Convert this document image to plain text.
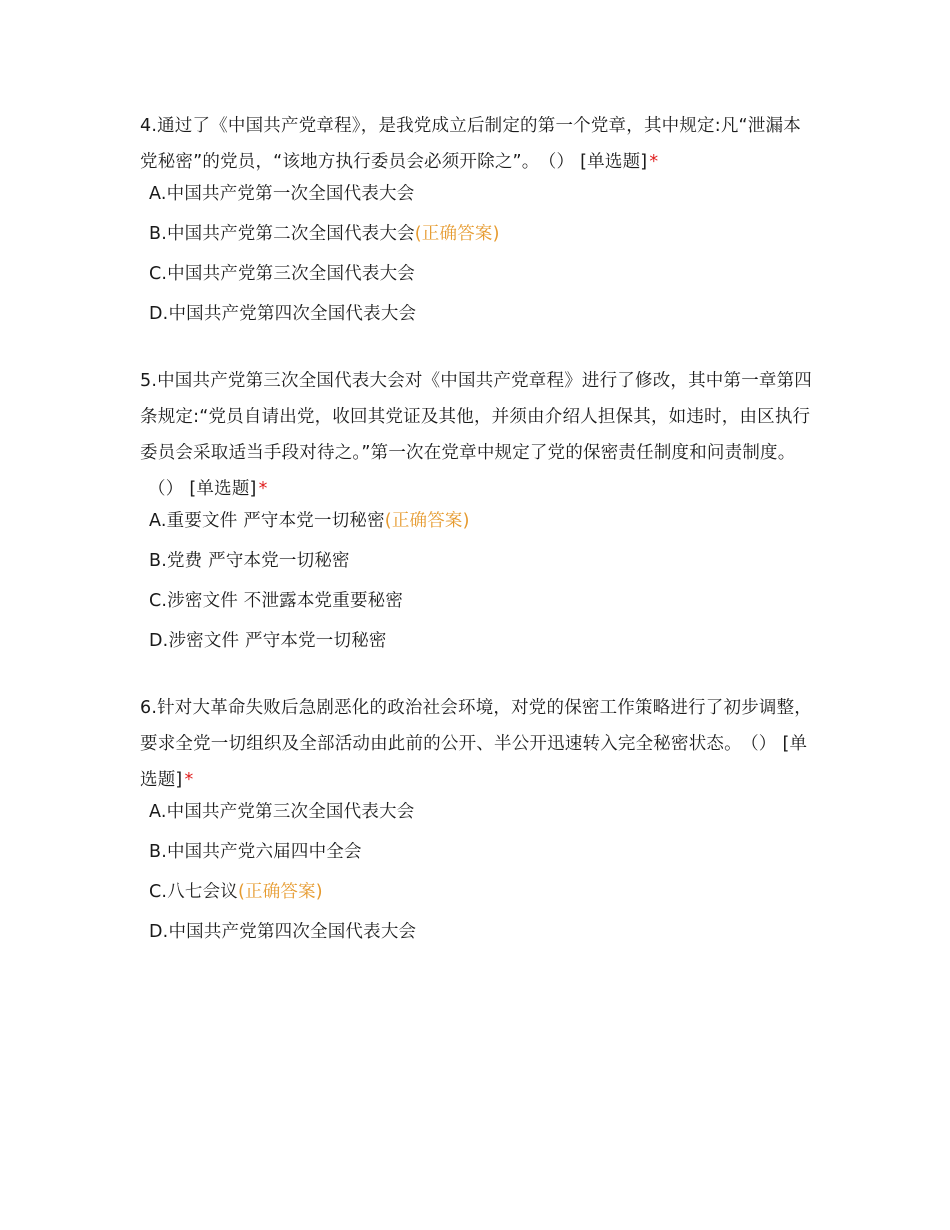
4.通过了《中国共产党章程》，是我党成立后制定的第一个党章，其中规定:凡“泄漏本党秘密”的党员，“该地方执行委员会必须开除之”。 （） [单选题] *

A.中国共产党第一次全国代表大会
B.中国共产党第二次全国代表大会(正确答案)
C.中国共产党第三次全国代表大会
D.中国共产党第四次全国代表大会

5.中国共产党第三次全国代表大会对《中国共产党章程》进行了修改，其中第一章第四条规定:“党员自请出党，收回其党证及其他，并须由介绍人担保其，如违时，由区执行委员会采取适当手段对待之。”第一次在党章中规定了党的保密责任制度和问责制度。（） [单选题] *

A.重要文件 严守本党一切秘密(正确答案)
B.党费 严守本党一切秘密
C.涉密文件 不泄露本党重要秘密
D.涉密文件 严守本党一切秘密

6.针对大革命失败后急剧恶化的政治社会环境，对党的保密工作策略进行了初步调整，要求全党一切组织及全部活动由此前的公开、半公开迅速转入完全秘密状态。 （） [单选题] *

A.中国共产党第三次全国代表大会
B.中国共产党六届四中全会
C.八七会议(正确答案)
D.中国共产党第四次全国代表大会
